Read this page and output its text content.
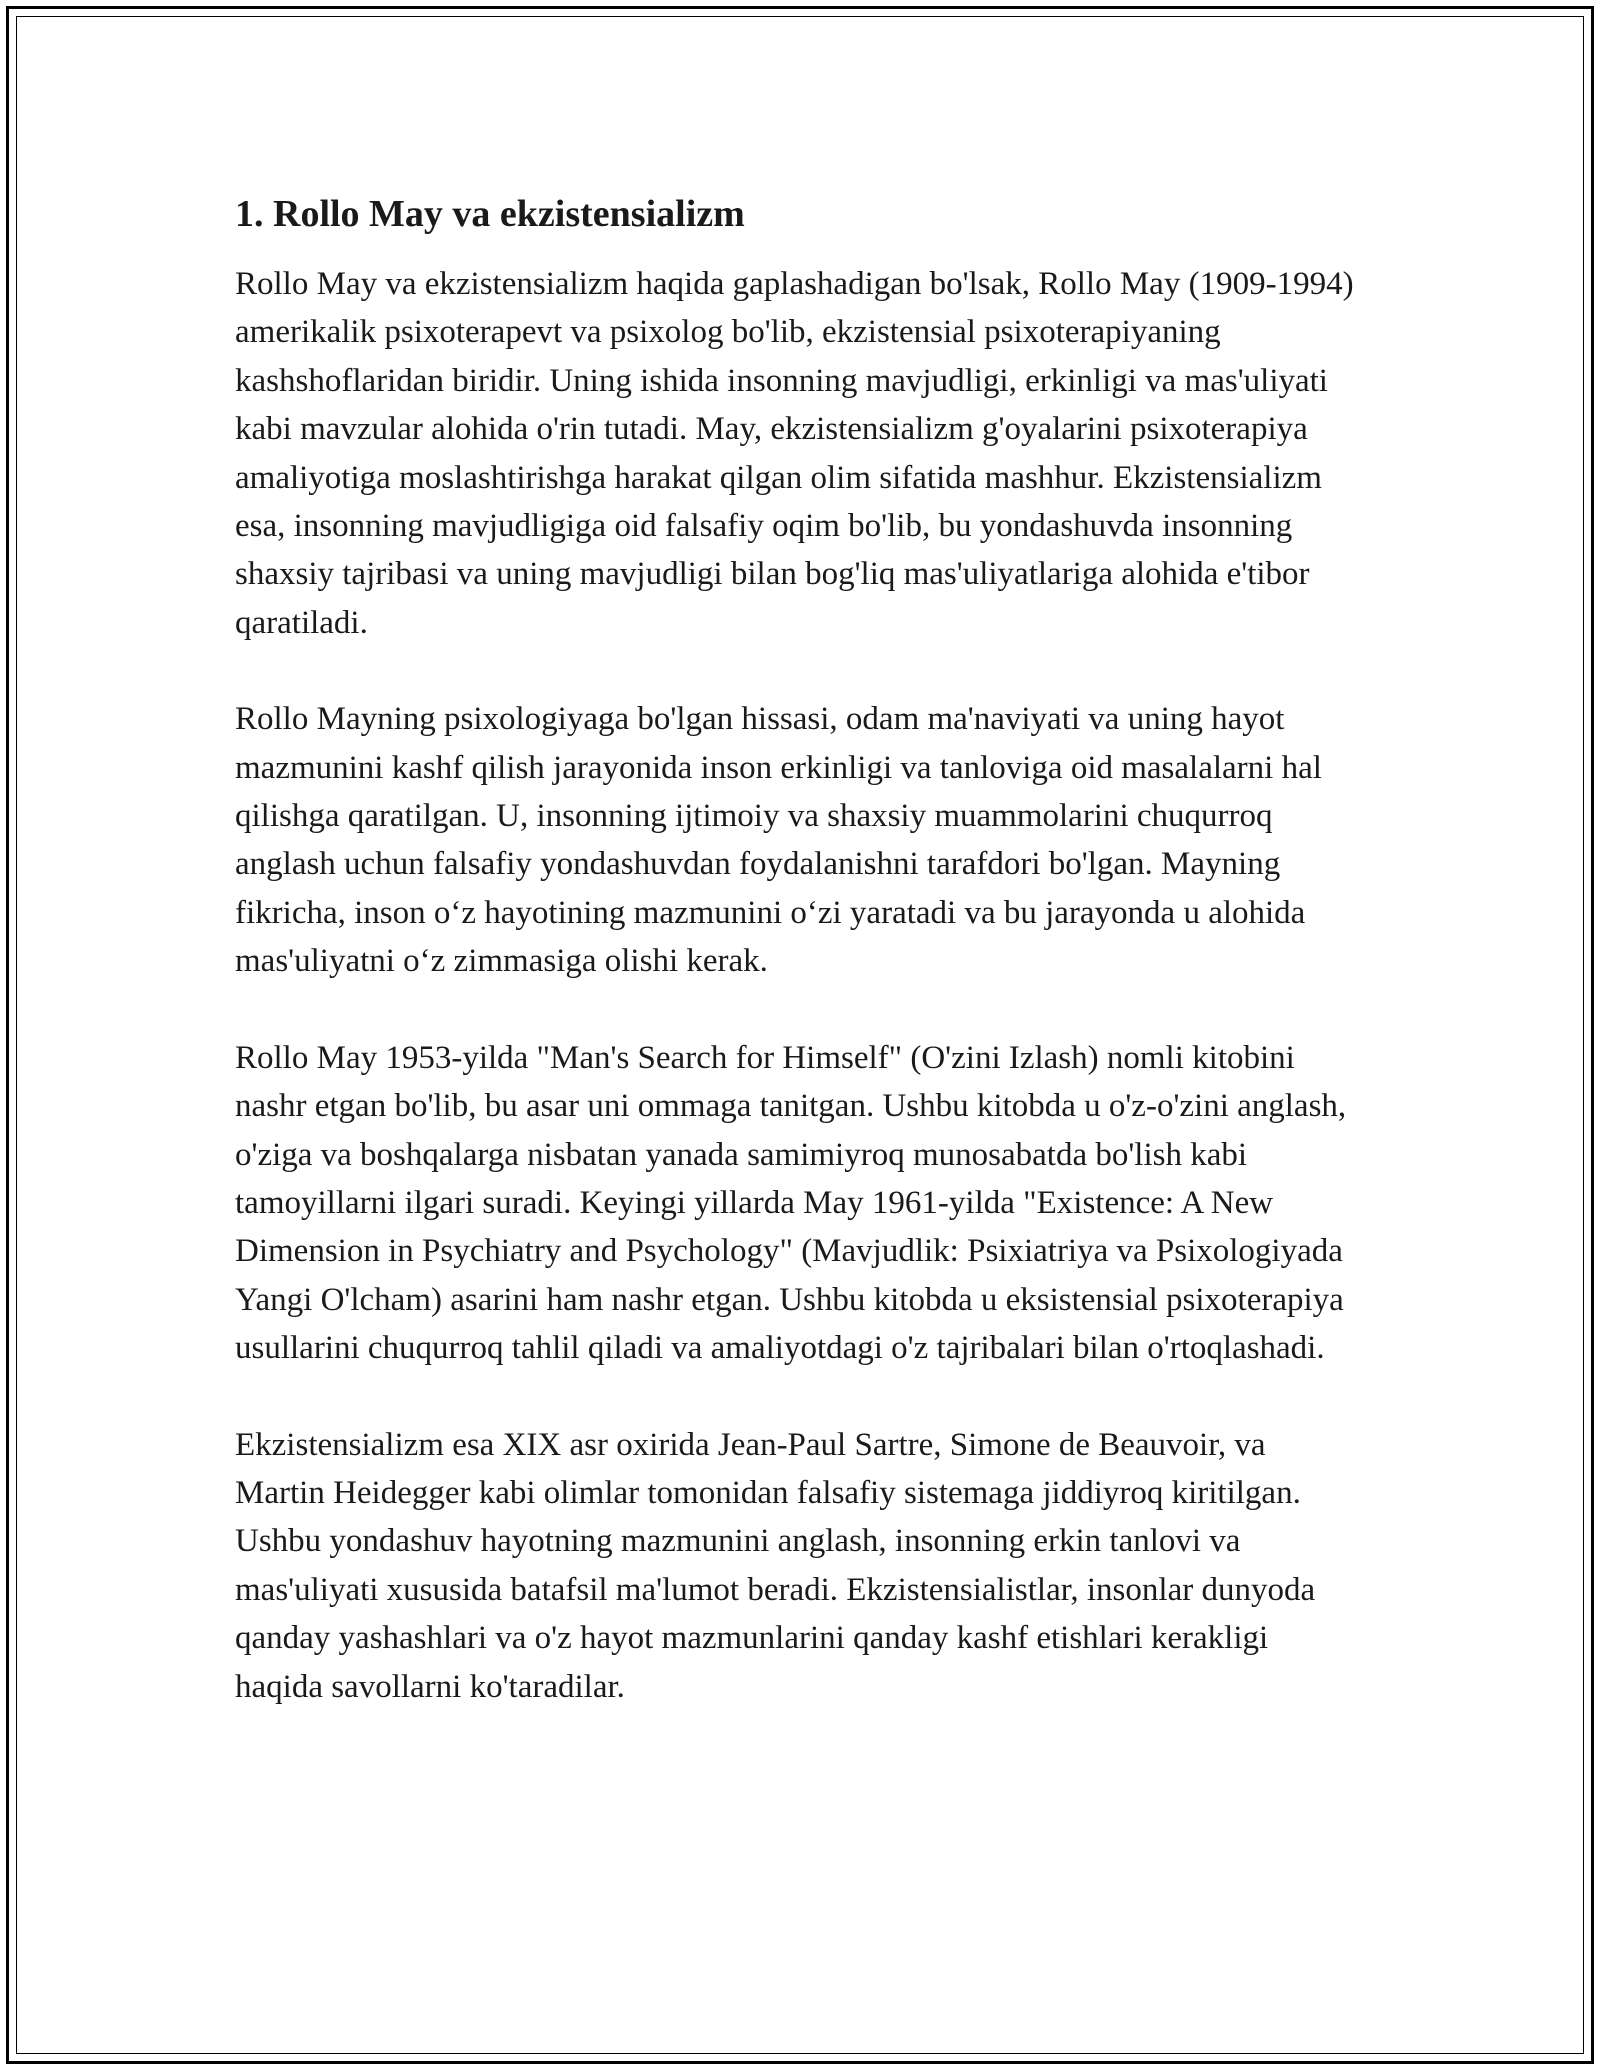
1. Rollo May va ekzistensializm

Rollo May va ekzistensializm haqida gaplashadigan bo'lsak, Rollo May (1909-1994) amerikalik psixoterapevt va psixolog bo'lib, ekzistensial psixoterapiyaning kashshoflaridan biridir. Uning ishida insonning mavjudligi, erkinligi va mas'uliyati kabi mavzular alohida o'rin tutadi. May, ekzistensializm g'oyalarini psixoterapiya amaliyotiga moslashtirishga harakat qilgan olim sifatida mashhur. Ekzistensializm esa, insonning mavjudligiga oid falsafiy oqim bo'lib, bu yondashuvda insonning shaxsiy tajribasi va uning mavjudligi bilan bog'liq mas'uliyatlariga alohida e'tibor qaratiladi.

Rollo Mayning psixologiyaga bo'lgan hissasi, odam ma'naviyati va uning hayot mazmunini kashf qilish jarayonida inson erkinligi va tanloviga oid masalalarni hal qilishga qaratilgan. U, insonning ijtimoiy va shaxsiy muammolarini chuqurroq anglash uchun falsafiy yondashuvdan foydalanishni tarafdori bo'lgan. Mayning fikricha, inson o‘z hayotining mazmunini o‘zi yaratadi va bu jarayonda u alohida mas'uliyatni o‘z zimmasiga olishi kerak.

Rollo May 1953-yilda "Man's Search for Himself" (O'zini Izlash) nomli kitobini nashr etgan bo'lib, bu asar uni ommaga tanitgan. Ushbu kitobda u o'z-o'zini anglash, o'ziga va boshqalarga nisbatan yanada samimiyroq munosabatda bo'lish kabi tamoyillarni ilgari suradi. Keyingi yillarda May 1961-yilda "Existence: A New Dimension in Psychiatry and Psychology" (Mavjudlik: Psixiatriya va Psixologiyada Yangi O'lcham) asarini ham nashr etgan. Ushbu kitobda u eksistensial psixoterapiya usullarini chuqurroq tahlil qiladi va amaliyotdagi o'z tajribalari bilan o'rtoqlashadi.

Ekzistensializm esa XIX asr oxirida Jean-Paul Sartre, Simone de Beauvoir, va Martin Heidegger kabi olimlar tomonidan falsafiy sistemaga jiddiyroq kiritilgan. Ushbu yondashuv hayotning mazmunini anglash, insonning erkin tanlovi va mas'uliyati xususida batafsil ma'lumot beradi. Ekzistensialistlar, insonlar dunyoda qanday yashashlari va o'z hayot mazmunlarini qanday kashf etishlari kerakligi haqida savollarni ko'taradilar.
